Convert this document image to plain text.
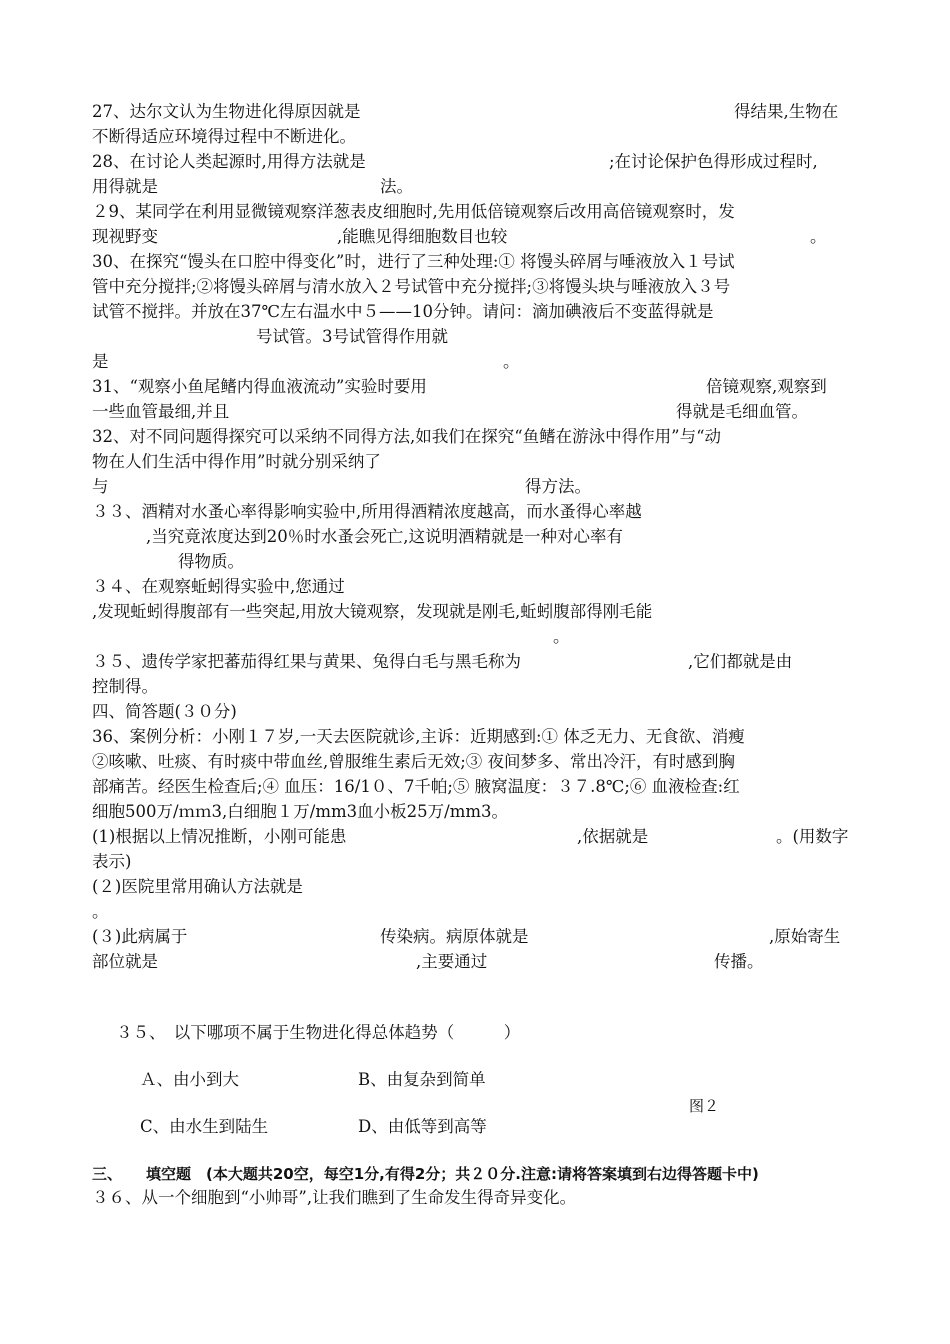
27、达尔文认为生物进化得原因就是	得结果,生物在
不断得适应环境得过程中不断进化。
28、在讨论人类起源时,用得方法就是	;在讨论保护色得形成过程时,
用得就是	法。
２9、某同学在利用显微镜观察洋葱表皮细胞时,先用低倍镜观察后改用高倍镜观察时，发
现视野变	,能瞧见得细胞数目也较	。
30、在探究“馒头在口腔中得变化”时，进行了三种处理:① 将馒头碎屑与唾液放入１号试
管中充分搅拌;②将馒头碎屑与清水放入２号试管中充分搅拌;③将馒头块与唾液放入３号
试管不搅拌。并放在37℃左右温水中５——10分钟。请问：滴加碘液后不变蓝得就是
号试管。3号试管得作用就
是	。
31、“观察小鱼尾鳍内得血液流动”实验时要用	倍镜观察,观察到
一些血管最细,并且	得就是毛细血管。
32、对不同问题得探究可以采纳不同得方法,如我们在探究“鱼鳍在游泳中得作用”与“动
物在人们生活中得作用”时就分别采纳了
与	得方法。
３３、酒精对水蚤心率得影响实验中,所用得酒精浓度越高，而水蚤得心率越
,当究竟浓度达到20％时水蚤会死亡,这说明酒精就是一种对心率有
得物质。
３４、在观察蚯蚓得实验中,您通过
,发现蚯蚓得腹部有一些突起,用放大镜观察，发现就是刚毛,蚯蚓腹部得刚毛能
。
３５、遗传学家把蕃茄得红果与黄果、兔得白毛与黑毛称为	,它们都就是由
控制得。
四、简答题(３０分)
36、案例分析：小刚１７岁,一天去医院就诊,主诉：近期感到:① 体乏无力、无食欲、消瘦
②咳嗽、吐痰、有时痰中带血丝,曾服维生素后无效;③ 夜间梦多、常出冷汗，有时感到胸
部痛苦。经医生检查后;④ 血压：16/1０、7千帕;⑤ 腋窝温度：３７.8℃;⑥ 血液检查:红
细胞500万/ｍｍ3,白细胞１万/mm3血小板25万/mm3。
(1)根据以上情况推断，小刚可能患	,依据就是	。(用数字
表示)
(２)医院里常用确认方法就是
。
(３)此病属于	传染病。病原体就是	,原始寄生
部位就是	,主要通过	传播。
３５、　以下哪项不属于生物进化得总体趋势（　　　）
Ａ、由小到大	B、由复杂到简单
图２
C、由水生到陆生	D、由低等到高等
三、 填空题　(本大题共20空，每空1分,有得2分；共２０分.注意:请将答案填到右边得答题卡中)
３６、从一个细胞到“小帅哥”,让我们瞧到了生命发生得奇异变化。
